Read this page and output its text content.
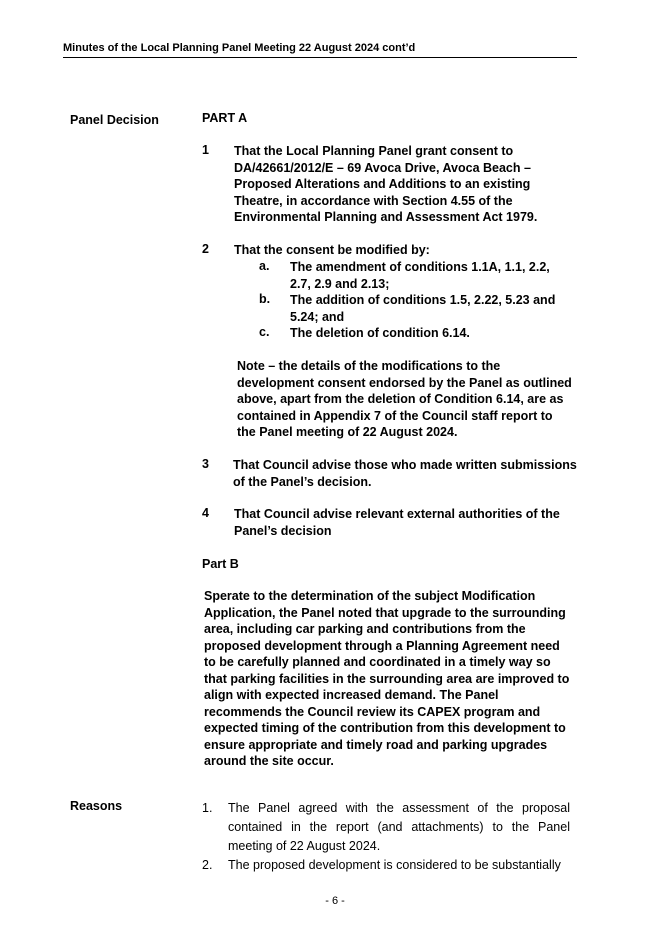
Minutes of the Local Planning Panel Meeting 22 August 2024 cont’d
Panel Decision	PART A
1 That the Local Planning Panel grant consent to
DA/42661/2012/E – 69 Avoca Drive, Avoca Beach –
Proposed Alterations and Additions to an existing
Theatre, in accordance with Section 4.55 of the
Environmental Planning and Assessment Act 1979.
2 That the consent be modified by:
a. The amendment of conditions 1.1A, 1.1, 2.2,
2.7, 2.9 and 2.13;
b. The addition of conditions 1.5, 2.22, 5.23 and
5.24; and
c. The deletion of condition 6.14.
Note – the details of the modifications to the
development consent endorsed by the Panel as outlined
above, apart from the deletion of Condition 6.14, are as
contained in Appendix 7 of the Council staff report to
the Panel meeting of 22 August 2024.
3 That Council advise those who made written submissions
of the Panel’s decision.
4 That Council advise relevant external authorities of the
Panel’s decision
Part B
Sperate to the determination of the subject Modification
Application, the Panel noted that upgrade to the surrounding
area, including car parking and contributions from the
proposed development through a Planning Agreement need
to be carefully planned and coordinated in a timely way so
that parking facilities in the surrounding area are improved to
align with expected increased demand. The Panel
recommends the Council review its CAPEX program and
expected timing of the contribution from this development to
ensure appropriate and timely road and parking upgrades
around the site occur.
Reasons	1. The Panel agreed with the assessment of the proposal contained in the report (and attachments) to the Panel meeting of 22 August 2024.
2. The proposed development is considered to be substantially
- 6 -
